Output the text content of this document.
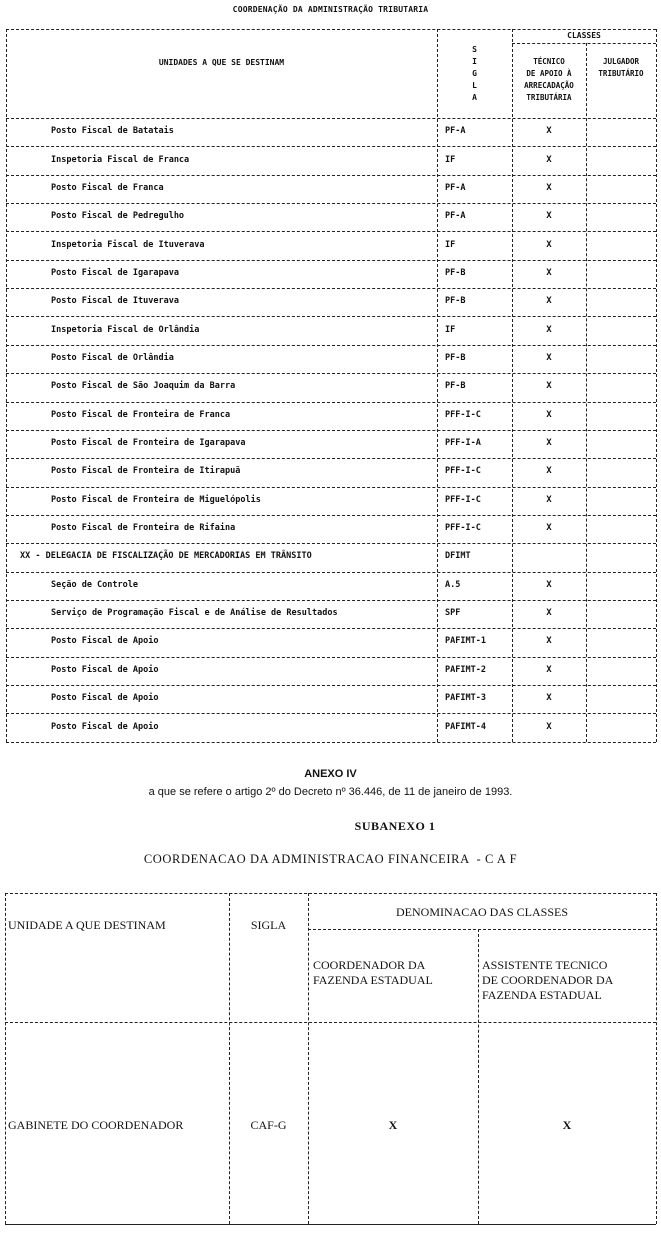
COORDENAÇÃO DA ADMINISTRAÇÃO TRIBUTARIA
UNIDADES A QUE SE DESTINAM
S
I
G
L
A
CLASSES
TÉCNICO
DE APOIO À
ARRECADAÇÃO
TRIBUTÁRIA
JULGADOR
TRIBUTÁRIO
Posto Fiscal de Batatais	PF-A	X
Inspetoria Fiscal de Franca	IF	X
Posto Fiscal de Franca	PF-A	X
Posto Fiscal de Pedregulho	PF-A	X
Inspetoria Fiscal de Ituverava	IF	X
Posto Fiscal de Igarapava	PF-B	X
Posto Fiscal de Ituverava	PF-B	X
Inspetoria Fiscal de Orlândia	IF	X
Posto Fiscal de Orlândia	PF-B	X
Posto Fiscal de São Joaquim da Barra	PF-B	X
Posto Fiscal de Fronteira de Franca	PFF-I-C	X
Posto Fiscal de Fronteira de Igarapava	PFF-I-A	X
Posto Fiscal de Fronteira de Itirapuã	PFF-I-C	X
Posto Fiscal de Fronteira de Miguelópolis	PFF-I-C	X
Posto Fiscal de Fronteira de Rifaina	PFF-I-C	X
XX - DELEGACIA DE FISCALIZAÇÃO DE MERCADORIAS EM TRÂNSITO	DFIMT
Seção de Controle	A.5	X
Serviço de Programação Fiscal e de Análise de Resultados	SPF	X
Posto Fiscal de Apoio	PAFIMT-1	X
Posto Fiscal de Apoio	PAFIMT-2	X
Posto Fiscal de Apoio	PAFIMT-3	X
Posto Fiscal de Apoio	PAFIMT-4	X
ANEXO IV
a que se refere o artigo 2º do Decreto nº 36.446, de 11 de janeiro de 1993.
SUBANEXO 1
COORDENACAO DA ADMINISTRACAO FINANCEIRA  - C A F
UNIDADE A QUE DESTINAM	SIGLA
DENOMINACAO DAS CLASSES
COORDENADOR DA
FAZENDA ESTADUAL
ASSISTENTE TECNICO
DE COORDENADOR DA
FAZENDA ESTADUAL
GABINETE DO COORDENADOR	CAF-G	X	X
